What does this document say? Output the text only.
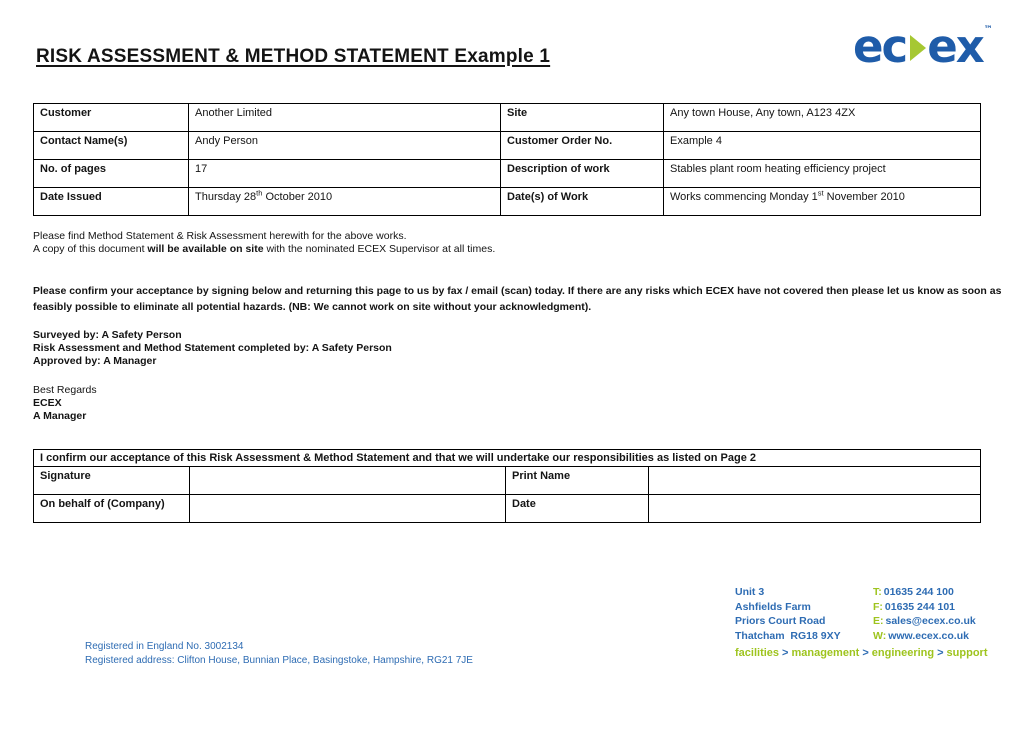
RISK ASSESSMENT & METHOD STATEMENT Example 1	ec ex ™
Customer	Another Limited	Site	Any town House, Any town, A123 4ZX
Contact Name(s)	Andy Person	Customer Order No.	Example 4
No. of pages	17	Description of work	Stables plant room heating efficiency project
Date Issued	Thursday 28th October 2010	Date(s) of Work	Works commencing Monday 1st November 2010
Please find Method Statement & Risk Assessment herewith for the above works.
A copy of this document will be available on site with the nominated ECEX Supervisor at all times.
Please confirm your acceptance by signing below and returning this page to us by fax / email (scan) today. If there are any risks which ECEX have not covered then please let us know as soon as feasibly possible to eliminate all potential hazards. (NB: We cannot work on site without your acknowledgment).
Surveyed by: A Safety Person
Risk Assessment and Method Statement completed by: A Safety Person
Approved by: A Manager
Best Regards
ECEX
A Manager
I confirm our acceptance of this Risk Assessment & Method Statement and that we will undertake our responsibilities as listed on Page 2			
Signature		Print Name	
On behalf of (Company)		Date	
Unit 3
Ashfields Farm
Priors Court Road
Thatcham  RG18 9XY
T: 01635 244 100
F: 01635 244 101
E: sales@ecex.co.uk
W: www.ecex.co.uk
facilities > management > engineering > support
Registered in England No. 3002134
Registered address: Clifton House, Bunnian Place, Basingstoke, Hampshire, RG21 7JE
